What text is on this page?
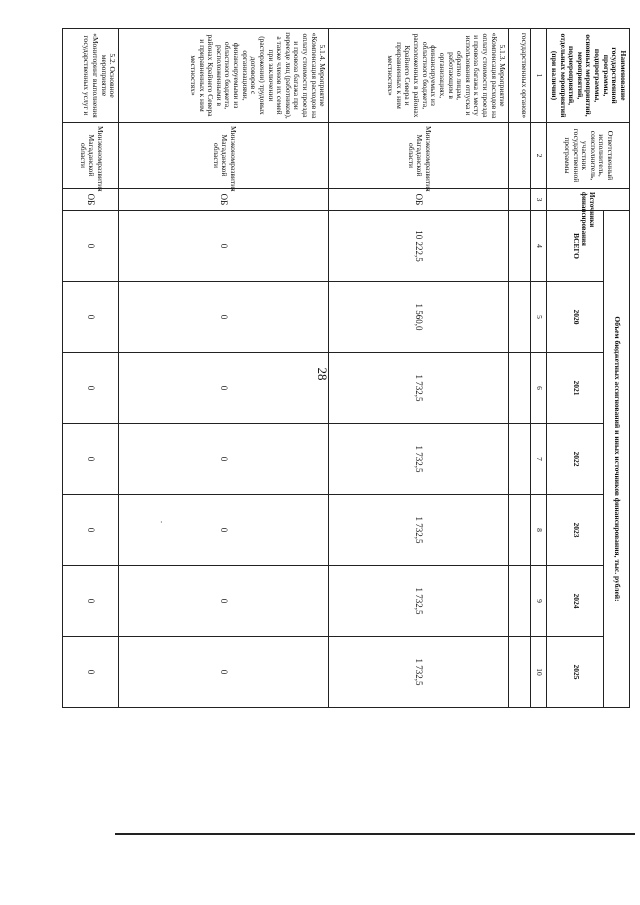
28
·
Наименование государственной программы, подпрограммы, основных мероприятий, мероприятий, подмероприятий, отдельных мероприятий (при наличии)	Ответственный исполнитель, соисполнитель, участник государственной программы	Источники финансирования	Объем бюджетных ассигнований и иных источников финансирования, тыс. рублей:						
			ВСЕГО	2020	2021	2022	2023	2024	2025
1	2	3	4	5	6	7	8	9	10
государственных органов»									
5.1.3. Мероприятие «Компенсация расходов на оплату стоимости проезда и провоза багажа к месту использования отпуска и обратно лицам, работающим в организациях, финансируемых из областного бюджета, расположенных в районах Крайнего Севера и приравненных к ним местностях»	Минэкономразвития Магаданской области	ОБ	10 222,5	1 560,0	1 732,5	1 732,5	1 732,5	1 732,5	1 732,5
5.1.4. Мероприятие «Компенсация расходов на оплату стоимости проезда и провоза багажа при переезде лиц (работников), а также членов их семей при заключении (расторжении) трудовых договоров с организациями, финансируемыми из областного бюджета, расположенными в районах Крайнего Севера и приравненных к ним местностях»	Минэкономразвития Магаданской области	ОБ	0	0	0	0	0	0	0
5.2. Основное мероприятие «Мониторинг выполнения государственных услуг и	Минэкономразвития Магаданской области	ОБ	0	0	0	0	0	0	0
